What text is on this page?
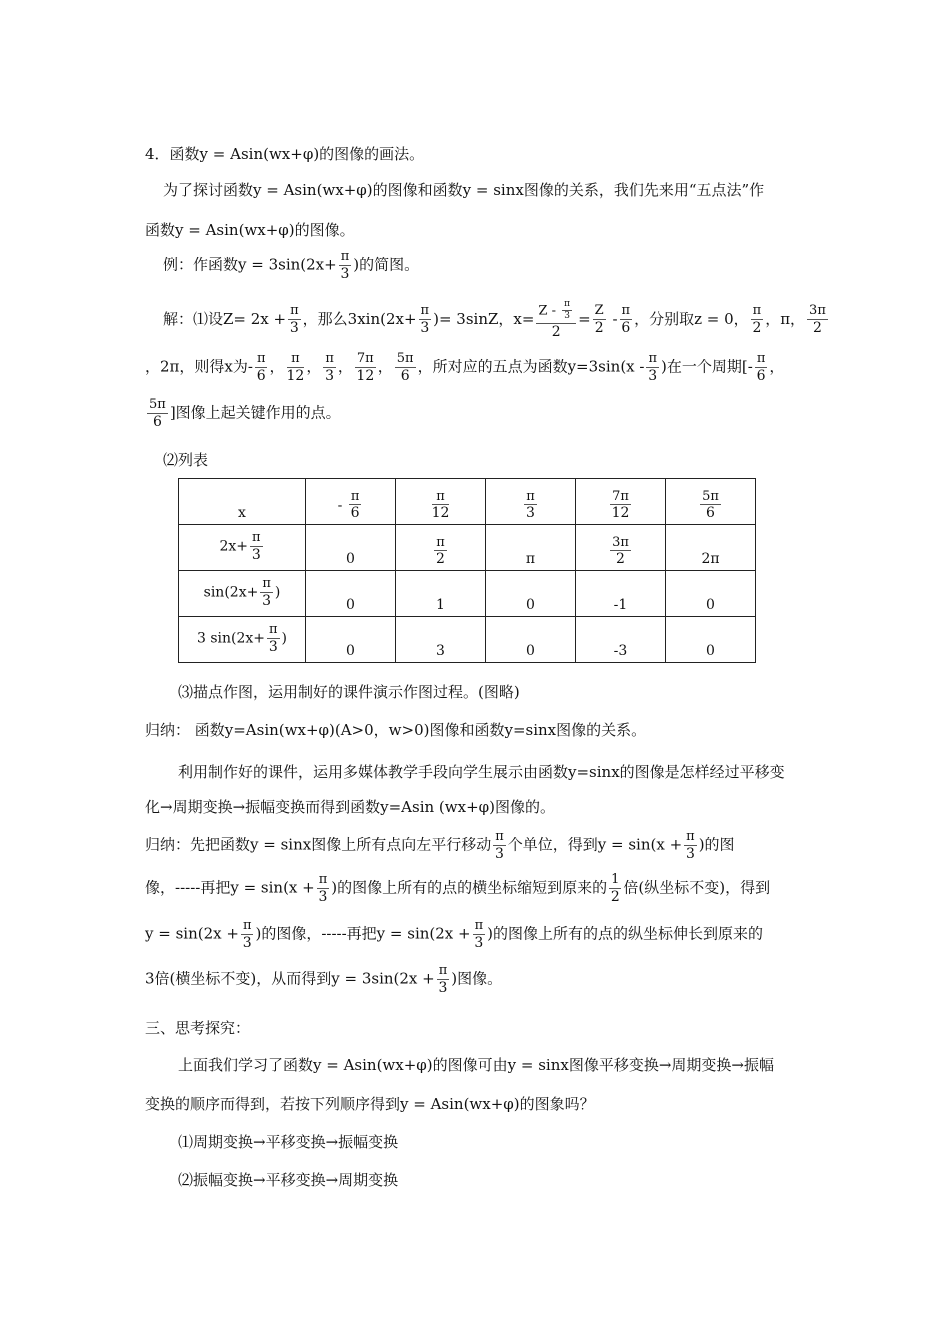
4．函数y = Asin(wx+φ)的图像的画法。
为了探讨函数y = Asin(wx+φ)的图像和函数y = sinx图像的关系，我们先来用“五点法”作
函数y = Asin(wx+φ)的图像。
例：作函数$y = 3\sin(2x+ \frac{\pi}{3}$ )的简图。
解：⑴设$Z= 2x + \frac{\pi}{3}$ ，那么$3xin(2x+ \frac{\pi}{3}$ )= 3sinZ，$x= \frac{Z - \frac{\pi}{3}}{2} = \frac{Z}{2} - \frac{\pi}{6}$ ，分别取z = 0， $\frac{\pi}{2}$ ，π， $\frac{3\pi}{2}$
，2π，则得x为- $\frac{\pi}{6}$ ， $\frac{\pi}{12}$ ， $\frac{\pi}{3}$ ， $\frac{7\pi}{12}$ ， $\frac{5\pi}{6}$ ，所对应的五点为函数$y=3\sin(x - \frac{\pi}{3}$ )在一个周期[- $\frac{\pi}{6}$ ，
$\frac{5\pi}{6}$ ]图像上起关键作用的点。
⑵列表
x	- $\frac{\pi}{6}$	$\frac{\pi}{12}$	$\frac{\pi}{3}$	$\frac{7\pi}{12}$	$\frac{5\pi}{6}$

$2x+ \frac{\pi}{3}$	0	$\frac{\pi}{2}$	π	$\frac{3\pi}{2}$	2π
$\sin(2x+ \frac{\pi}{3}$ )	0	1	0	-1	0
3 $\sin(2x+ \frac{\pi}{3}$ )	0	3	0	-3	0
⑶描点作图，运用制好的课件演示作图过程。(图略)
归纳： 函数y=Asin(wx+φ)(A>0，w>0)图像和函数y=sinx图像的关系。
利用制作好的课件，运用多媒体教学手段向学生展示由函数y=sinx的图像是怎样经过平移变
化→周期变换→振幅变换而得到函数y=Asin (wx+φ)图像的。
归纳：先把函数y = sinx图像上所有点向左平行移动 $\frac{\pi}{3}$ 个单位，得到$y = \sin(x + \frac{\pi}{3}$ )的图
像，-----再把$y = \sin(x + \frac{\pi}{3}$ )的图像上所有的点的横坐标缩短到原来的 $\frac{1}{2}$ 倍(纵坐标不变)，得到
$y = \sin(2x + \frac{\pi}{3}$ )的图像，-----再把$y = \sin(2x + \frac{\pi}{3}$ )的图像上所有的点的纵坐标伸长到原来的
3倍(横坐标不变)，从而得到$y = 3\sin(2x + \frac{\pi}{3}$ )图像。
三、思考探究：
上面我们学习了函数y = Asin(wx+φ)的图像可由y = sinx图像平移变换→周期变换→振幅
变换的顺序而得到，若按下列顺序得到y = Asin(wx+φ)的图象吗？
⑴周期变换→平移变换→振幅变换
⑵振幅变换→平移变换→周期变换
